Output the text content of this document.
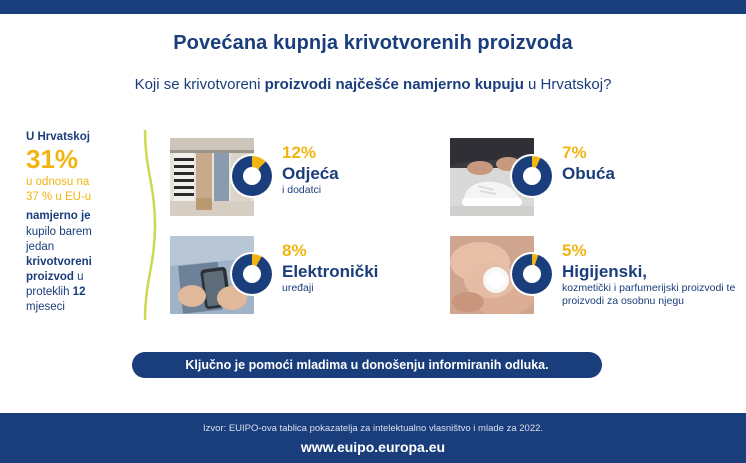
Povećana kupnja krivotvorenih proizvoda
Koji se krivotvoreni proizvodi najčešće namjerno kupuju u Hrvatskoj?
U Hrvatskoj
31%
u odnosu na
37 % u EU-u
namjerno je
kupilo barem
jedan
krivotvoreni
proizvod u
proteklih 12
mjeseci
12%
Odjeća
i dodatci
7%
Obuća
8%
Elektronički
uređaji
5%
Higijenski,
kozmetički i parfumerijski proizvodi te proizvodi za osobnu njegu
Ključno je pomoći mladima u donošenju informiranih odluka.
Izvor: EUIPO-ova tablica pokazatelja za intelektualno vlasništvo i mlade za 2022.
www.euipo.europa.eu
